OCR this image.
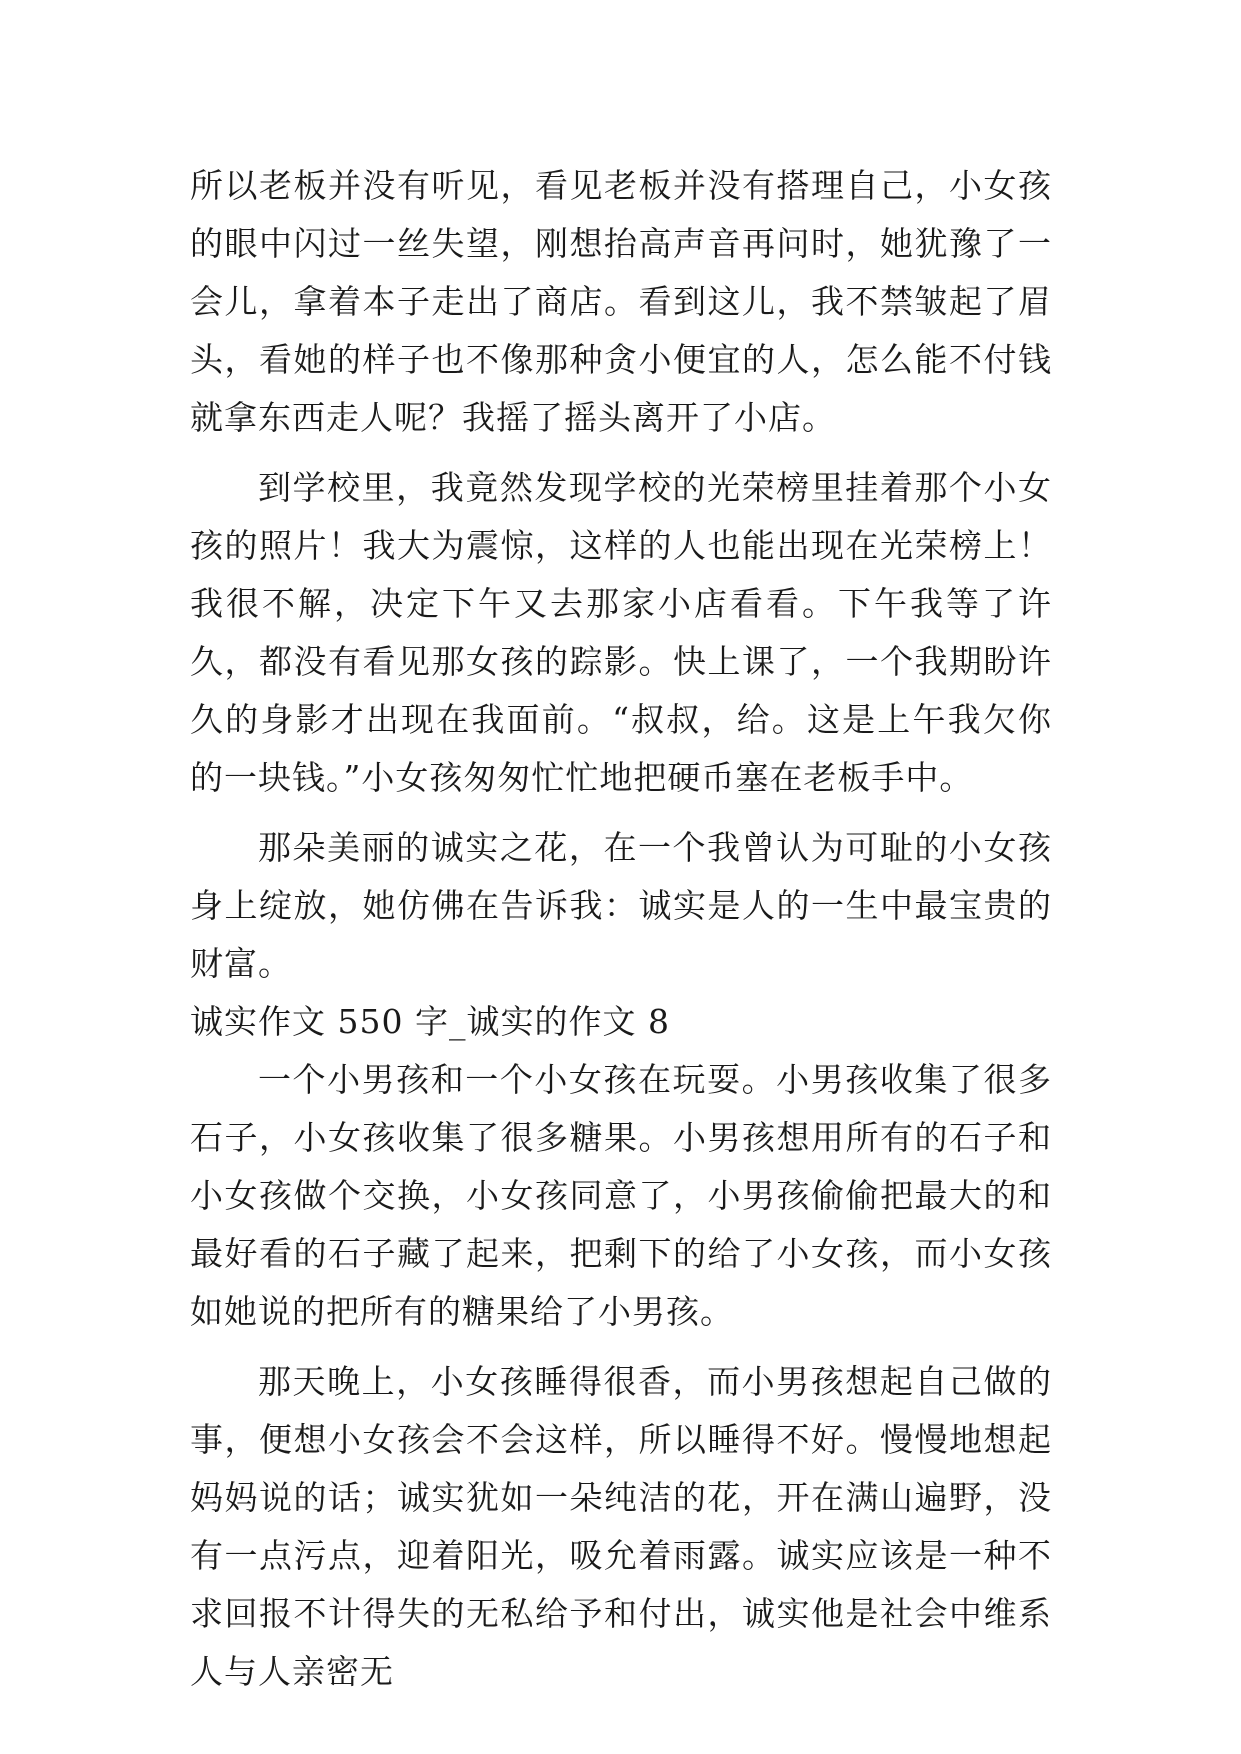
所以老板并没有听见，看见老板并没有搭理自己，小女孩的眼中闪过一丝失望，刚想抬高声音再问时，她犹豫了一会儿，拿着本子走出了商店。看到这儿，我不禁皱起了眉头，看她的样子也不像那种贪小便宜的人，怎么能不付钱就拿东西走人呢？我摇了摇头离开了小店。

到学校里，我竟然发现学校的光荣榜里挂着那个小女孩的照片！我大为震惊，这样的人也能出现在光荣榜上！我很不解，决定下午又去那家小店看看。下午我等了许久，都没有看见那女孩的踪影。快上课了，一个我期盼许久的身影才出现在我面前。“叔叔，给。这是上午我欠你的一块钱。”小女孩匆匆忙忙地把硬币塞在老板手中。

那朵美丽的诚实之花，在一个我曾认为可耻的小女孩身上绽放，她仿佛在告诉我：诚实是人的一生中最宝贵的财富。

诚实作文 550 字_诚实的作文 8

一个小男孩和一个小女孩在玩耍。小男孩收集了很多石子，小女孩收集了很多糖果。小男孩想用所有的石子和小女孩做个交换，小女孩同意了，小男孩偷偷把最大的和最好看的石子藏了起来，把剩下的给了小女孩，而小女孩如她说的把所有的糖果给了小男孩。

那天晚上，小女孩睡得很香，而小男孩想起自己做的事，便想小女孩会不会这样，所以睡得不好。慢慢地想起妈妈说的话；诚实犹如一朵纯洁的花，开在满山遍野，没有一点污点，迎着阳光，吸允着雨露。诚实应该是一种不求回报不计得失的无私给予和付出，诚实他是社会中维系人与人亲密无
